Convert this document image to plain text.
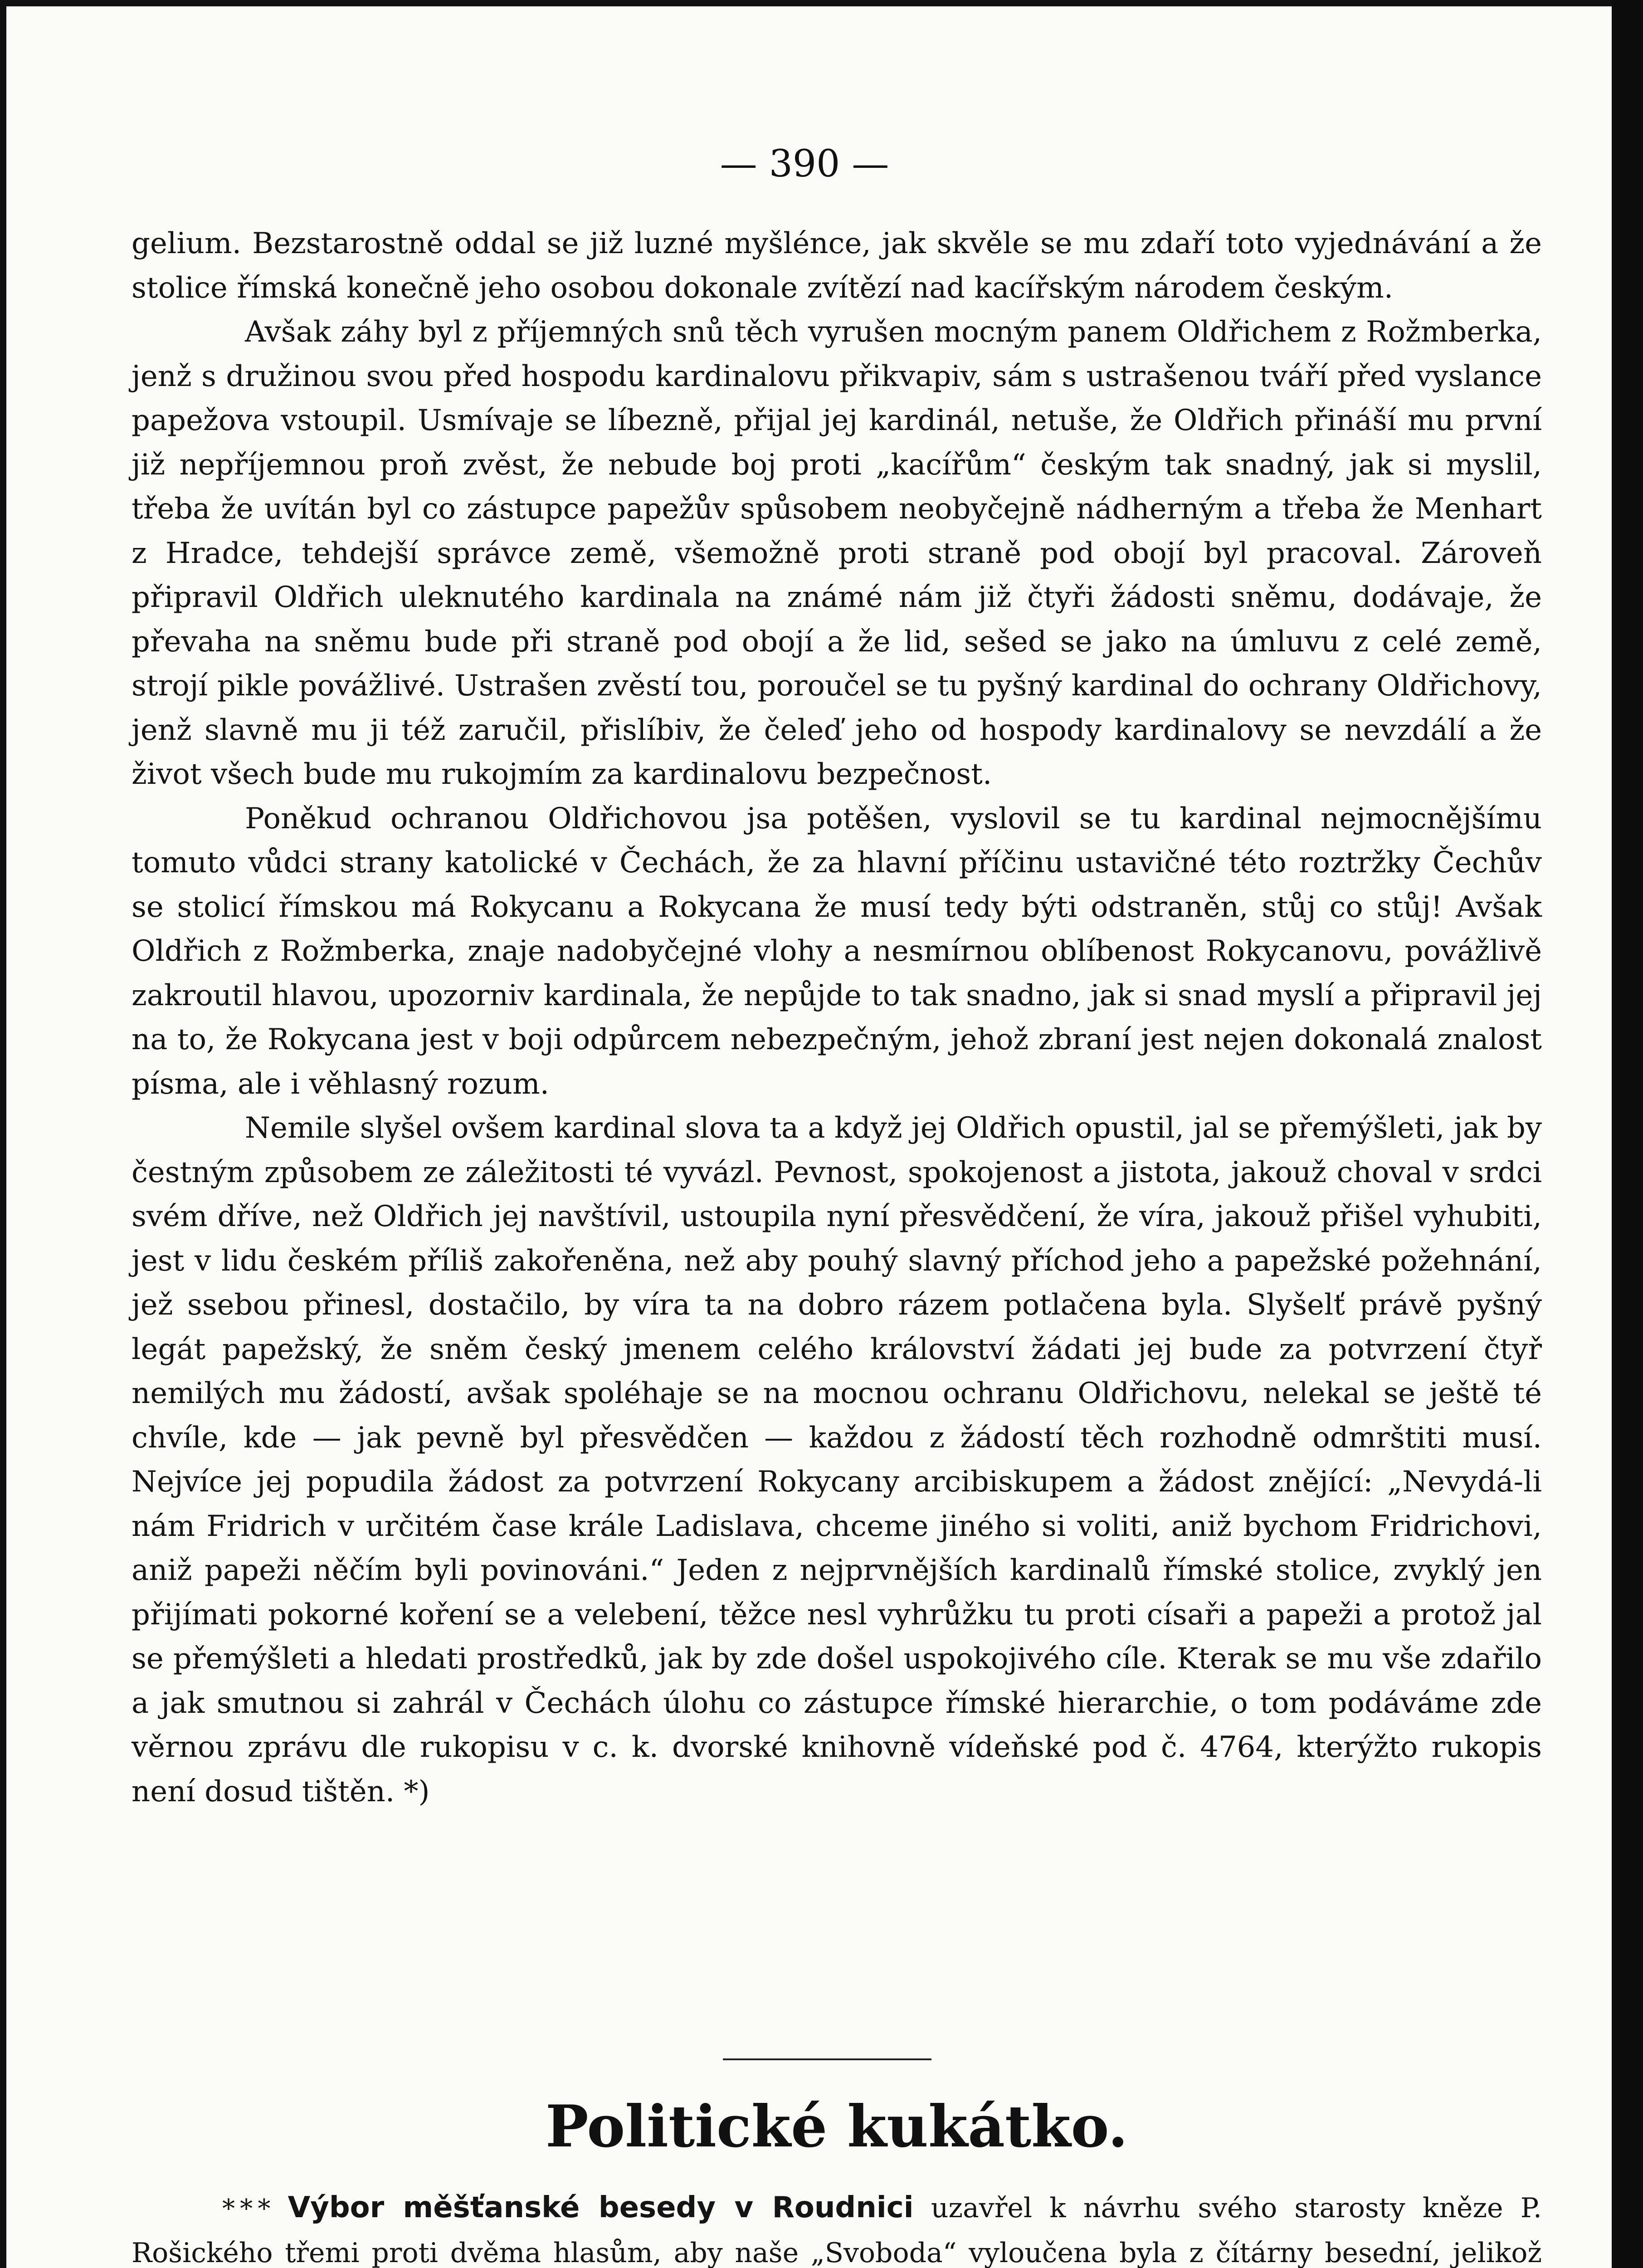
— 390 —

gelium. Bezstarostně oddal se již luzné myšlénce, jak skvěle se mu zdaří toto vyjednávání a že stolice římská konečně jeho osobou dokonale zvítězí nad kacířským národem českým.

Avšak záhy byl z příjemných snů těch vyrušen mocným panem Oldřichem z Rožmberka, jenž s družinou svou před hospodu kardinalovu přikvapiv, sám s ustrašenou tváří před vyslance papežova vstoupil. Usmívaje se líbezně, přijal jej kardinál, netuše, že Oldřich přináší mu první již nepříjemnou proň zvěst, že nebude boj proti „kacířům“ českým tak snadný, jak si myslil, třeba že uvítán byl co zástupce papežův spůsobem neobyčejně nádherným a třeba že Menhart z Hradce, tehdejší správce země, všemožně proti straně pod obojí byl pracoval. Zároveň připravil Oldřich uleknutého kardinala na známé nám již čtyři žádosti sněmu, dodávaje, že převaha na sněmu bude při straně pod obojí a že lid, sešed se jako na úmluvu z celé země, strojí pikle povážlivé. Ustrašen zvěstí tou, poroučel se tu pyšný kardinal do ochrany Oldřichovy, jenž slavně mu ji též zaručil, přislíbiv, že čeleď jeho od hospody kardinalovy se nevzdálí a že život všech bude mu rukojmím za kardinalovu bezpečnost.

Poněkud ochranou Oldřichovou jsa potěšen, vyslovil se tu kardinal nejmocnějšímu tomuto vůdci strany katolické v Čechách, že za hlavní příčinu ustavičné této roztržky Čechův se stolicí římskou má Rokycanu a Rokycana že musí tedy býti odstraněn, stůj co stůj! Avšak Oldřich z Rožmberka, znaje nadobyčejné vlohy a nesmírnou oblíbenost Rokycanovu, povážlivě zakroutil hlavou, upozorniv kardinala, že nepůjde to tak snadno, jak si snad myslí a připravil jej na to, že Rokycana jest v boji odpůrcem nebezpečným, jehož zbraní jest nejen dokonalá znalost písma, ale i věhlasný rozum.

Nemile slyšel ovšem kardinal slova ta a když jej Oldřich opustil, jal se přemýšleti, jak by čestným způsobem ze záležitosti té vyvázl. Pevnost, spokojenost a jistota, jakouž choval v srdci svém dříve, než Oldřich jej navštívil, ustoupila nyní přesvědčení, že víra, jakouž přišel vyhubiti, jest v lidu českém příliš zakořeněna, než aby pouhý slavný příchod jeho a papežské požehnání, jež ssebou přinesl, dostačilo, by víra ta na dobro rázem potlačena byla. Slyšelť právě pyšný legát papežský, že sněm český jmenem celého království žádati jej bude za potvrzení čtyř nemilých mu žádostí, avšak spoléhaje se na mocnou ochranu Oldřichovu, nelekal se ještě té chvíle, kde — jak pevně byl přesvědčen — každou z žádostí těch rozhodně odmrštiti musí. Nejvíce jej popudila žádost za potvrzení Rokycany arcibiskupem a žádost znějící: „Nevydá-li nám Fridrich v určitém čase krále Ladislava, chceme jiného si voliti, aniž bychom Fridrichovi, aniž papeži něčím byli povinováni.“ Jeden z nejprvnějších kardinalů římské stolice, zvyklý jen přijímati pokorné koření se a velebení, těžce nesl vyhrůžku tu proti císaři a papeži a protož jal se přemýšleti a hledati prostředků, jak by zde došel uspokojivého cíle. Kterak se mu vše zdařilo a jak smutnou si zahrál v Čechách úlohu co zástupce římské hierarchie, o tom podáváme zde věrnou zprávu dle rukopisu v c. k. dvorské knihovně vídeňské pod č. 4764, kterýžto rukopis není dosud tištěn. *)

Politické kukátko.
* * * Výbor měšťanské besedy v Roudnici uzavřel k návrhu svého starosty kněze P. Rošického třemi proti dvěma hlasům, aby naše „Svoboda“ vyloučena byla z čítárny besední, jelikož
